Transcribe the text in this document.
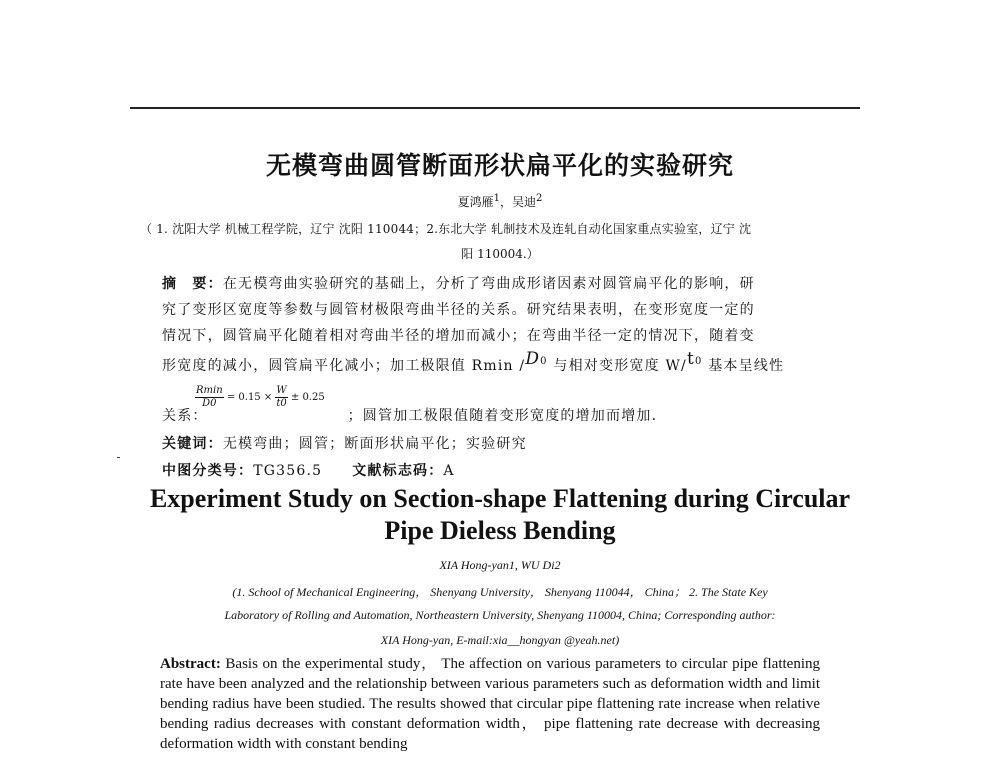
无模弯曲圆管断面形状扁平化的实验研究
夏鸿雁$^1$，吴迪$^2$
（ 1. 沈阳大学 机械工程学院，辽宁 沈阳 110044；2.东北大学 轧制技术及连轧自动化国家重点实验室，辽宁 沈
阳 110004.）
摘　要：在无模弯曲实验研究的基础上，分析了弯曲成形诸因素对圆管扁平化的影响，研
究了变形区宽度等参数与圆管材极限弯曲半径的关系。研究结果表明，在变形宽度一定的
情况下，圆管扁平化随着相对弯曲半径的增加而减小；在弯曲半径一定的情况下，随着变
形宽度的减小，圆管扁平化减小；加工极限值 Rmin $/D^0$ 与相对变形宽度 $W/t^0$ 基本呈线性
$\frac{Rmin}{D0} = 0.15 \times \frac{W}{t0} \pm 0.25$
关系：	；圆管加工极限值随着变形宽度的增加而增加.
关键词：无模弯曲；圆管；断面形状扁平化；实验研究
中图分类号：TG356.5 文献标志码：A
Experiment Study on Section-shape Flattening during Circular
Pipe Dieless Bending
XIA Hong-yan1, WU Di2
(1. School of Mechanical Engineering， Shenyang University， Shenyang 110044， China； 2. The State Key
Laboratory of Rolling and Automation, Northeastern University, Shenyang 110004, China; Corresponding author:
XIA Hong-yan, E-mail:xia__hongyan @yeah.net)
Abstract: Basis on the experimental study， The affection on various parameters to circular pipe flattening rate have been analyzed and the relationship between various parameters such as deformation width and limit bending radius have been studied. The results showed that circular pipe flattening rate increase when relative bending radius decreases with constant deformation width， pipe flattening rate decrease with decreasing deformation width with constant bending
